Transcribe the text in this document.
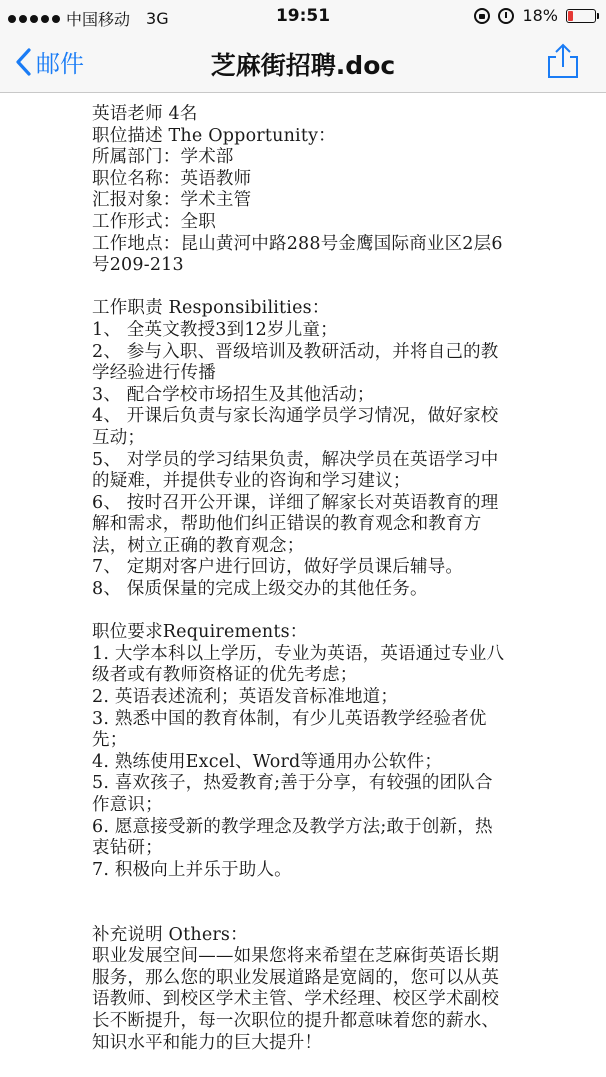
中国移动 3G	19:51	18%
邮件	芝麻街招聘.doc
英语老师 4名
职位描述 The Opportunity：
所属部门：学术部
职位名称：英语教师
汇报对象：学术主管
工作形式：全职
工作地点：昆山黄河中路288号金鹰国际商业区2层6
号209-213
工作职责 Responsibilities：
1、 全英文教授3到12岁儿童；
2、 参与入职、晋级培训及教研活动，并将自己的教
学经验进行传播
3、 配合学校市场招生及其他活动；
4、 开课后负责与家长沟通学员学习情况，做好家校
互动；
5、 对学员的学习结果负责，解决学员在英语学习中
的疑难，并提供专业的咨询和学习建议；
6、 按时召开公开课，详细了解家长对英语教育的理
解和需求，帮助他们纠正错误的教育观念和教育方
法，树立正确的教育观念；
7、 定期对客户进行回访，做好学员课后辅导。
8、 保质保量的完成上级交办的其他任务。
职位要求Requirements：
1. 大学本科以上学历，专业为英语，英语通过专业八
级者或有教师资格证的优先考虑；
2. 英语表述流利；英语发音标准地道；
3. 熟悉中国的教育体制，有少儿英语教学经验者优
先；
4. 熟练使用Excel、Word等通用办公软件；
5. 喜欢孩子，热爱教育;善于分享，有较强的团队合
作意识；
6. 愿意接受新的教学理念及教学方法;敢于创新，热
衷钻研；
7. 积极向上并乐于助人。
补充说明 Others：
职业发展空间——如果您将来希望在芝麻街英语长期
服务，那么您的职业发展道路是宽阔的，您可以从英
语教师、到校区学术主管、学术经理、校区学术副校
长不断提升，每一次职位的提升都意味着您的薪水、
知识水平和能力的巨大提升！
